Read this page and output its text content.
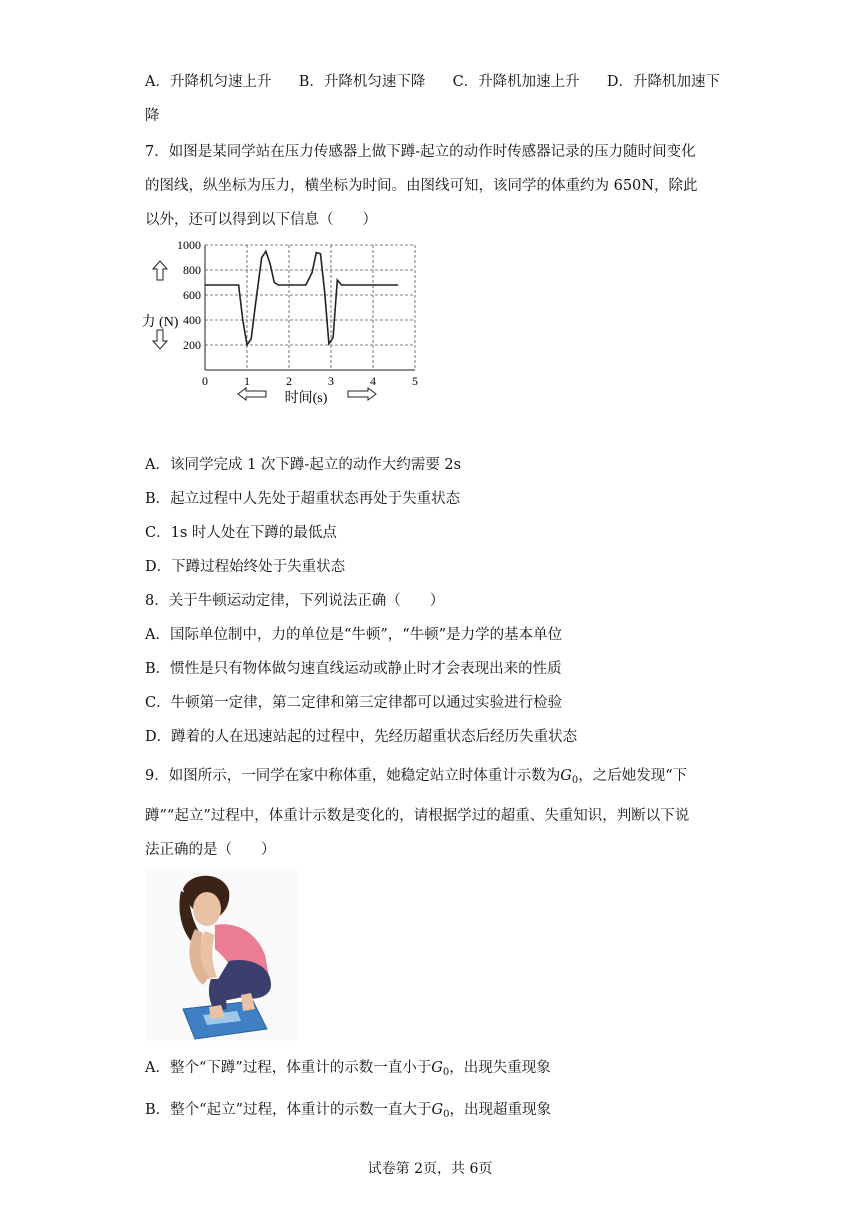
A．升降机匀速上升 B．升降机匀速下降 C．升降机加速上升 D．升降机加速下
降
7．如图是某同学站在压力传感器上做下蹲-起立的动作时传感器记录的压力随时间变化
的图线，纵坐标为压力，横坐标为时间。由图线可知，该同学的体重约为 650N，除此
以外，还可以得到以下信息（　　）
200
400
600
800
1000
0	1	2	3	4	5
力 (N)
时间(s)
A．该同学完成 1 次下蹲-起立的动作大约需要 2s
B．起立过程中人先处于超重状态再处于失重状态
C．1s 时人处在下蹲的最低点
D．下蹲过程始终处于失重状态
8．关于牛顿运动定律，下列说法正确（　　）
A．国际单位制中，力的单位是“牛顿”，“牛顿”是力学的基本单位
B．惯性是只有物体做匀速直线运动或静止时才会表现出来的性质
C．牛顿第一定律，第二定律和第三定律都可以通过实验进行检验
D．蹲着的人在迅速站起的过程中，先经历超重状态后经历失重状态
9．如图所示，一同学在家中称体重，她稳定站立时体重计示数为$G_0$，之后她发现“下
蹲”“起立”过程中，体重计示数是变化的，请根据学过的超重、失重知识，判断以下说
法正确的是（　　）
A．整个“下蹲”过程，体重计的示数一直小于$G_0$，出现失重现象
B．整个“起立”过程，体重计的示数一直大于$G_0$，出现超重现象
试卷第 2页，共 6页
